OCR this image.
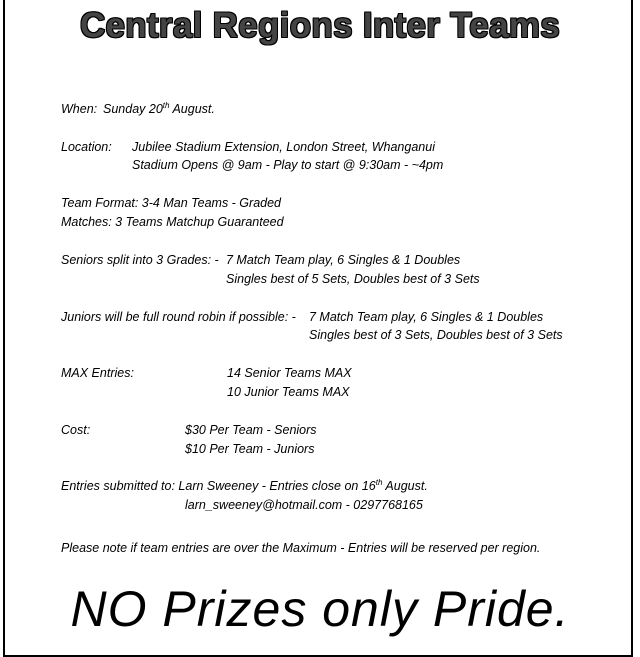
Central Regions Inter Teams
When: Sunday 20th August.
Location: Jubilee Stadium Extension, London Street, Whanganui
Stadium Opens @ 9am - Play to start @ 9:30am - ~4pm
Team Format: 3-4 Man Teams - Graded
Matches: 3 Teams Matchup Guaranteed
Seniors split into 3 Grades: - 7 Match Team play, 6 Singles & 1 Doubles
Singles best of 5 Sets, Doubles best of 3 Sets
Juniors will be full round robin if possible: - 7 Match Team play, 6 Singles & 1 Doubles
Singles best of 3 Sets, Doubles best of 3 Sets
MAX Entries:	14 Senior Teams MAX
10 Junior Teams MAX
Cost:	$30 Per Team - Seniors
$10 Per Team - Juniors
Entries submitted to: Larn Sweeney - Entries close on 16th August.
larn_sweeney@hotmail.com - 0297768165
Please note if team entries are over the Maximum - Entries will be reserved per region.
NO Prizes only Pride.
